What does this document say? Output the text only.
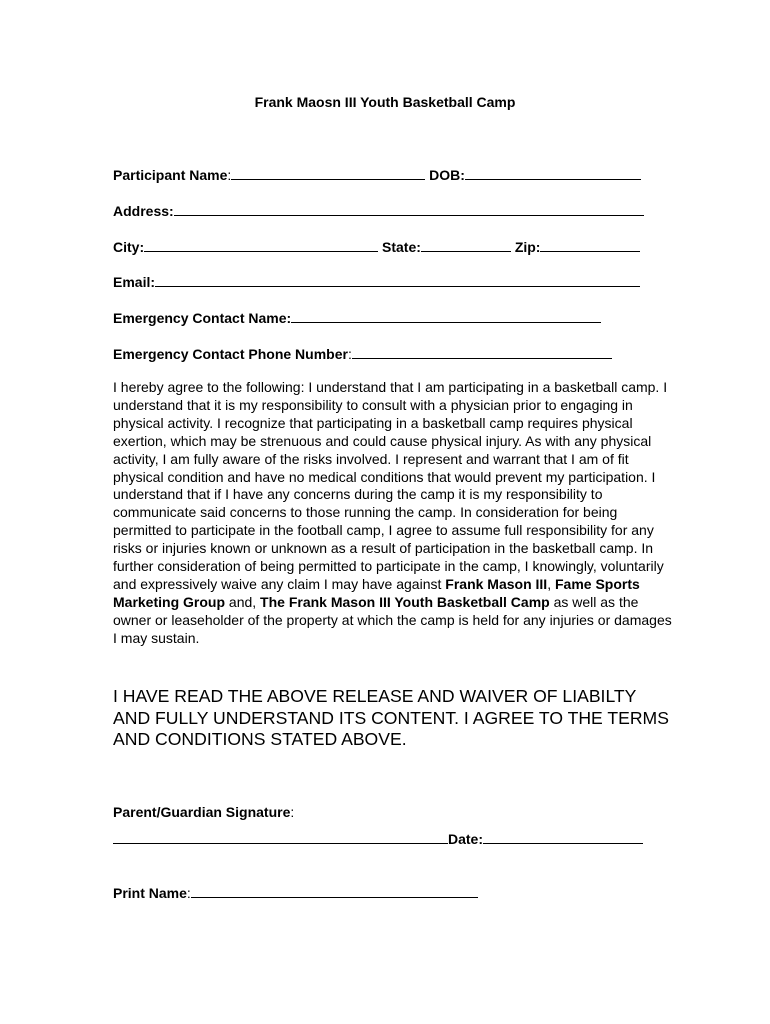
Frank Maosn III Youth Basketball Camp
Participant Name:	DOB:
Address:
City:	State:	Zip:
Email:
Emergency Contact Name:
Emergency Contact Phone Number:
I hereby agree to the following: I understand that I am participating in a basketball camp. I understand that it is my responsibility to consult with a physician prior to engaging in physical activity. I recognize that participating in a basketball camp requires physical exertion, which may be strenuous and could cause physical injury. As with any physical activity, I am fully aware of the risks involved. I represent and warrant that I am of fit physical condition and have no medical conditions that would prevent my participation. I understand that if I have any concerns during the camp it is my responsibility to communicate said concerns to those running the camp. In consideration for being permitted to participate in the football camp, I agree to assume full responsibility for any risks or injuries known or unknown as a result of participation in the basketball camp. In further consideration of being permitted to participate in the camp, I knowingly, voluntarily and expressively waive any claim I may have against Frank Mason III, Fame Sports Marketing Group and, The Frank Mason III Youth Basketball Camp as well as the owner or leaseholder of the property at which the camp is held for any injuries or damages I may sustain.
I HAVE READ THE ABOVE RELEASE AND WAIVER OF LIABILTY AND FULLY UNDERSTAND ITS CONTENT. I AGREE TO THE TERMS AND CONDITIONS STATED ABOVE.
Parent/Guardian Signature:
Date:
Print Name:
